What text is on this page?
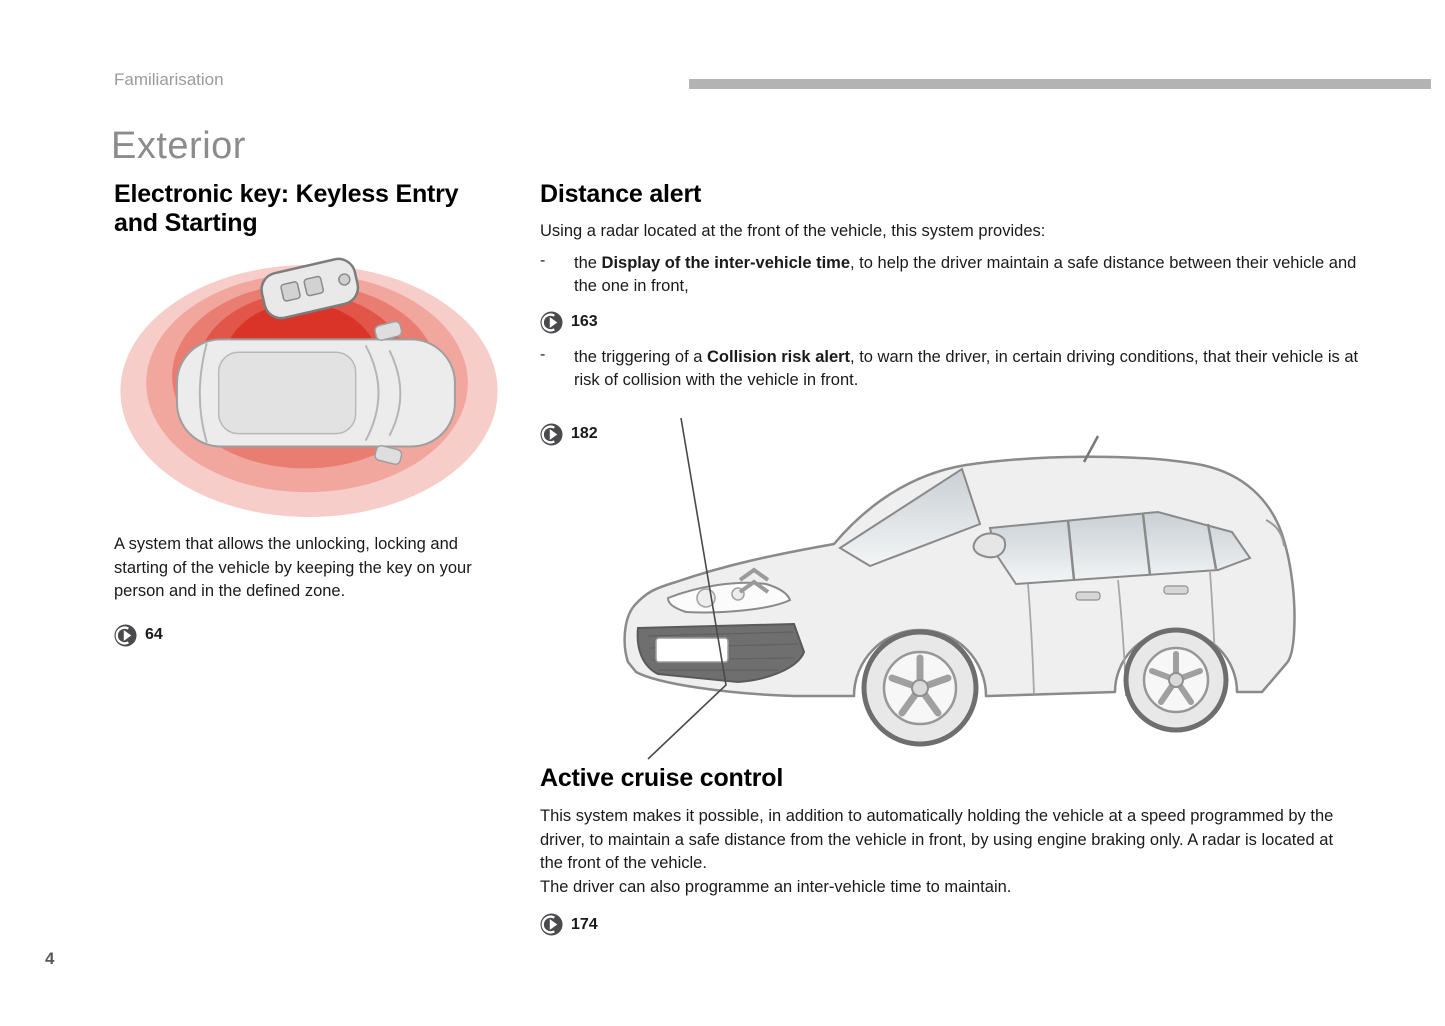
Familiarisation
Exterior
Electronic key: Keyless Entry and Starting

A system that allows the unlocking, locking and starting of the vehicle by keeping the key on your person and in the defined zone.

64
Distance alert

Using a radar located at the front of the vehicle, this system provides:

-	the Display of the inter-vehicle time, to help the driver maintain a safe distance between their vehicle and the one in front,

163
-	the triggering of a Collision risk alert, to warn the driver, in certain driving conditions, that their vehicle is at risk of collision with the vehicle in front.

182
Active cruise control

This system makes it possible, in addition to automatically holding the vehicle at a speed programmed by the driver, to maintain a safe distance from the vehicle in front, by using engine braking only. A radar is located at the front of the vehicle.

The driver can also programme an inter-vehicle time to maintain.

174
4
